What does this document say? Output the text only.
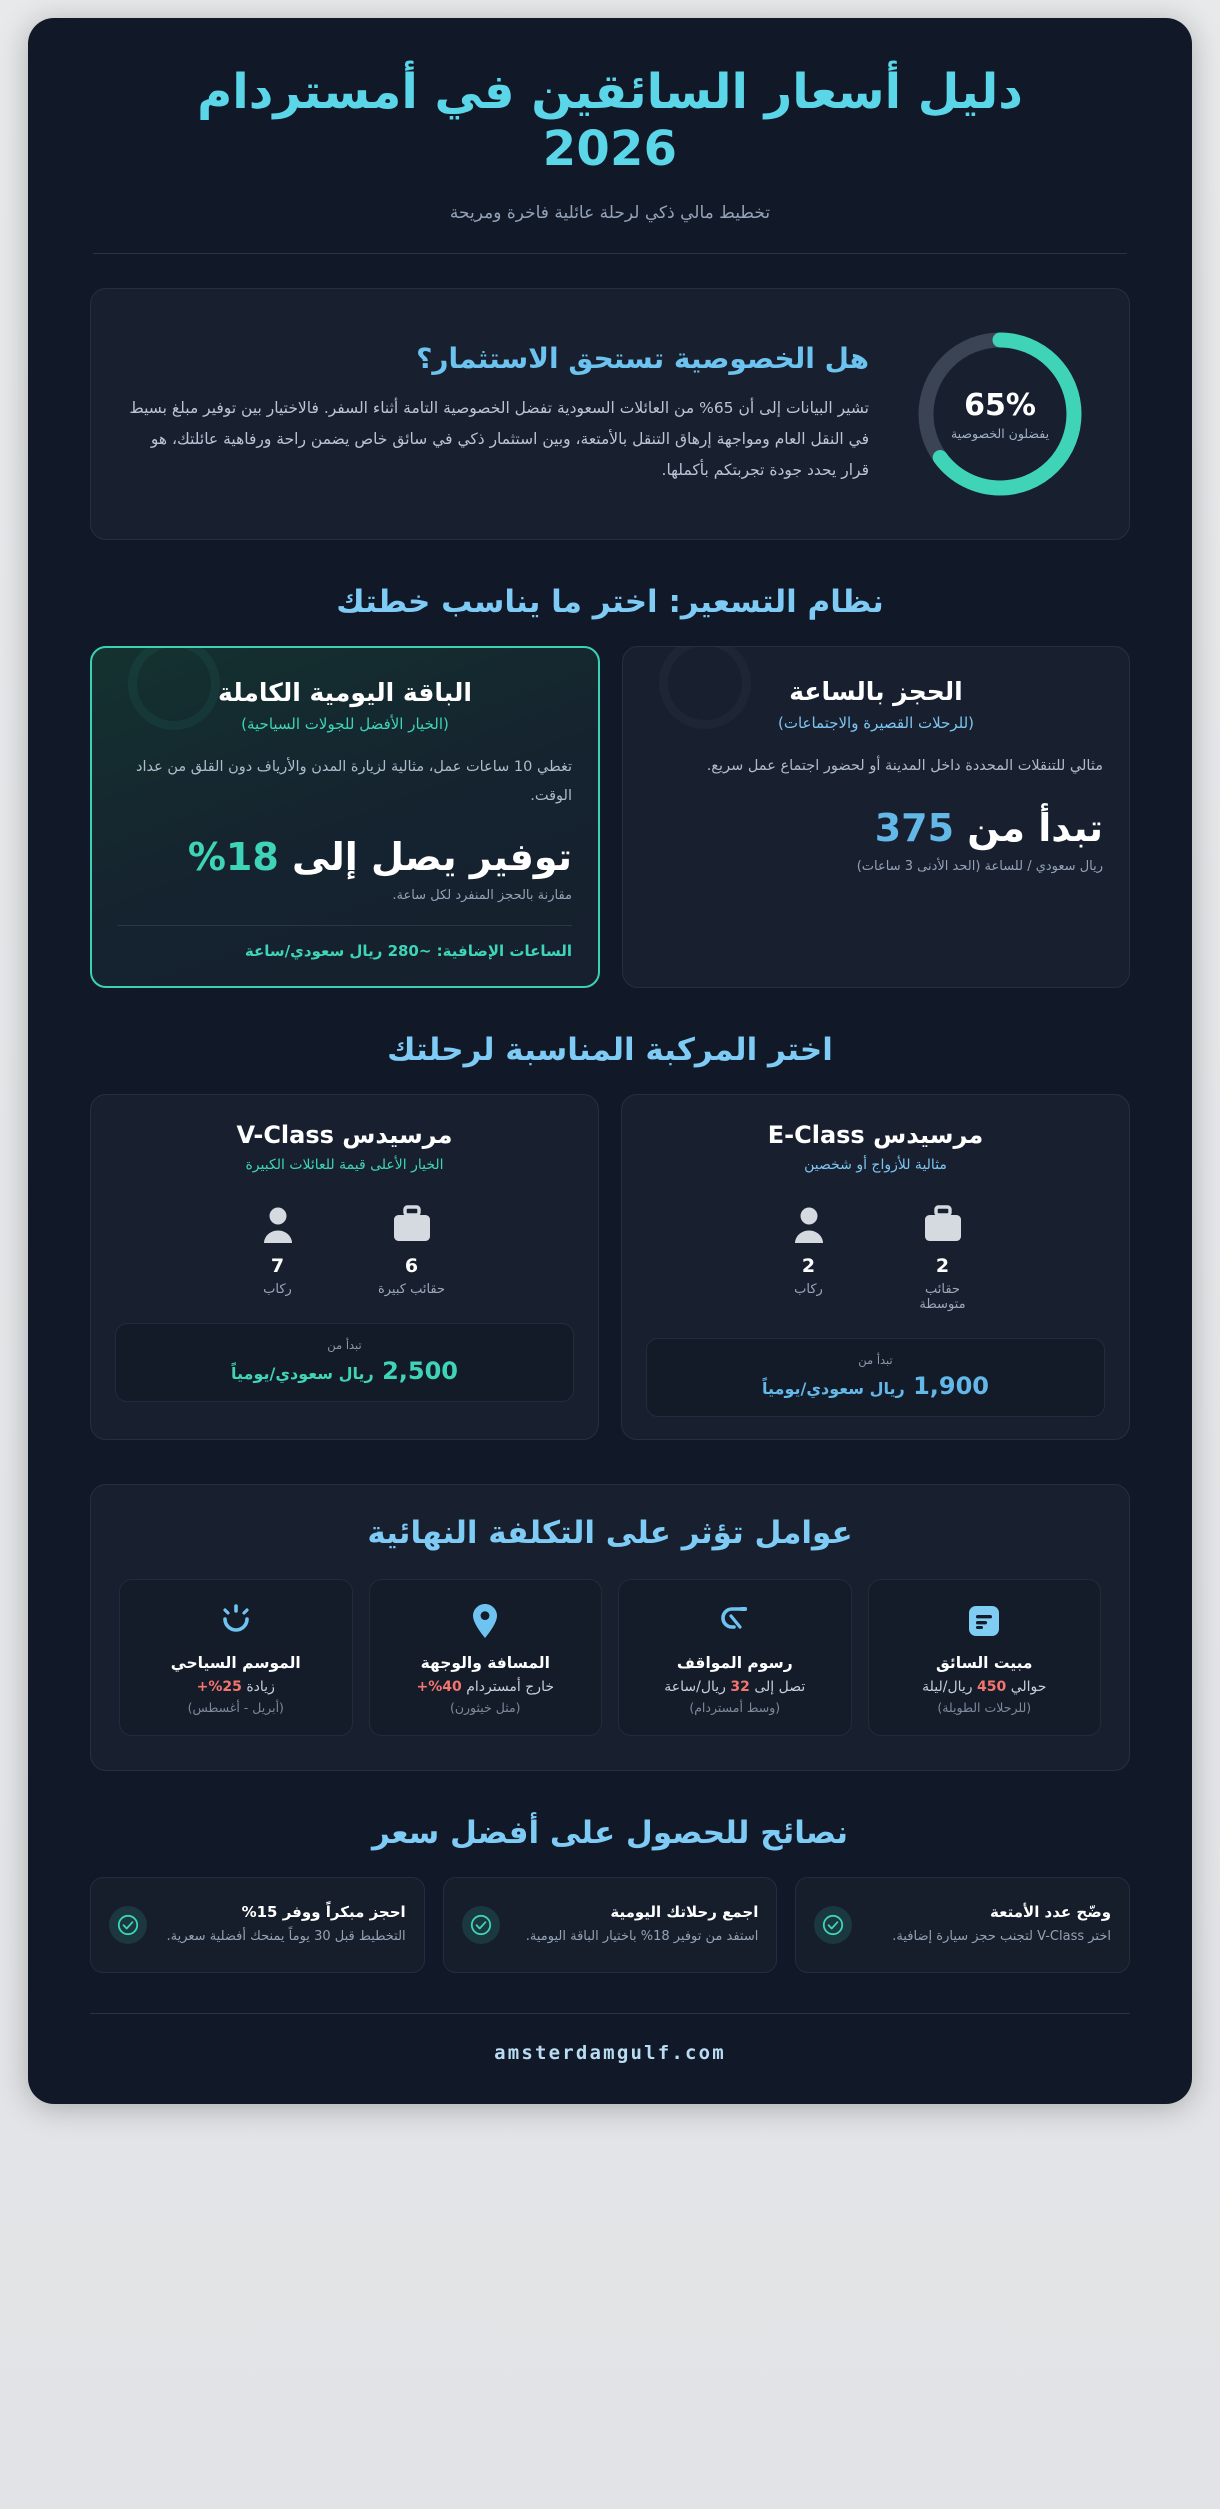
دليل أسعار السائقين في أمستردام
2026
تخطيط مالي ذكي لرحلة عائلية فاخرة ومريحة
هل الخصوصية تستحق الاستثمار؟

تشير البيانات إلى أن 65% من العائلات السعودية تفضل الخصوصية التامة أثناء السفر. فالاختيار بين توفير مبلغ بسيط في النقل العام ومواجهة إرهاق التنقل بالأمتعة، وبين استثمار ذكي في سائق خاص يضمن راحة ورفاهية عائلتك، هو قرار يحدد جودة تجربتكم بأكملها.

65%
يفضلون الخصوصية
نظام التسعير: اختر ما يناسب خطتك
الباقة اليومية الكاملة
(الخيار الأفضل للجولات السياحية)
تغطي 10 ساعات عمل، مثالية لزيارة المدن والأرياف دون القلق من عداد الوقت.
توفير يصل إلى 18%
مقارنة بالحجز المنفرد لكل ساعة.
الساعات الإضافية: ~280 ريال سعودي/ساعة
الحجز بالساعة
(للرحلات القصيرة والاجتماعات)
مثالي للتنقلات المحددة داخل المدينة أو لحضور اجتماع عمل سريع.
تبدأ من 375
ريال سعودي / للساعة (الحد الأدنى 3 ساعات)
اختر المركبة المناسبة لرحلتك
مرسيدس V-Class
الخيار الأعلى قيمة للعائلات الكبيرة
7
ركاب
6
حقائب كبيرة
تبدأ من
2,500 ريال سعودي/يومياً
مرسيدس E-Class
مثالية للأزواج أو شخصين
2
ركاب
2
حقائب متوسطة
تبدأ من
1,900 ريال سعودي/يومياً
عوامل تؤثر على التكلفة النهائية
الموسم السياحي
زيادة 25%+
(أبريل - أغسطس)
المسافة والوجهة
خارج أمستردام 40%+
(مثل خيثورن)
رسوم المواقف
تصل إلى 32 ريال/ساعة
(وسط أمستردام)
مبيت السائق
حوالي 450 ريال/ليلة
(للرحلات الطويلة)
نصائح للحصول على أفضل سعر
احجز مبكراً ووفر 15%
التخطيط قبل 30 يوماً يمنحك أفضلية سعرية.
اجمع رحلاتك اليومية
استفد من توفير 18% باختيار الباقة اليومية.
وضّح عدد الأمتعة
اختر V-Class لتجنب حجز سيارة إضافية.
amsterdamgulf.com
